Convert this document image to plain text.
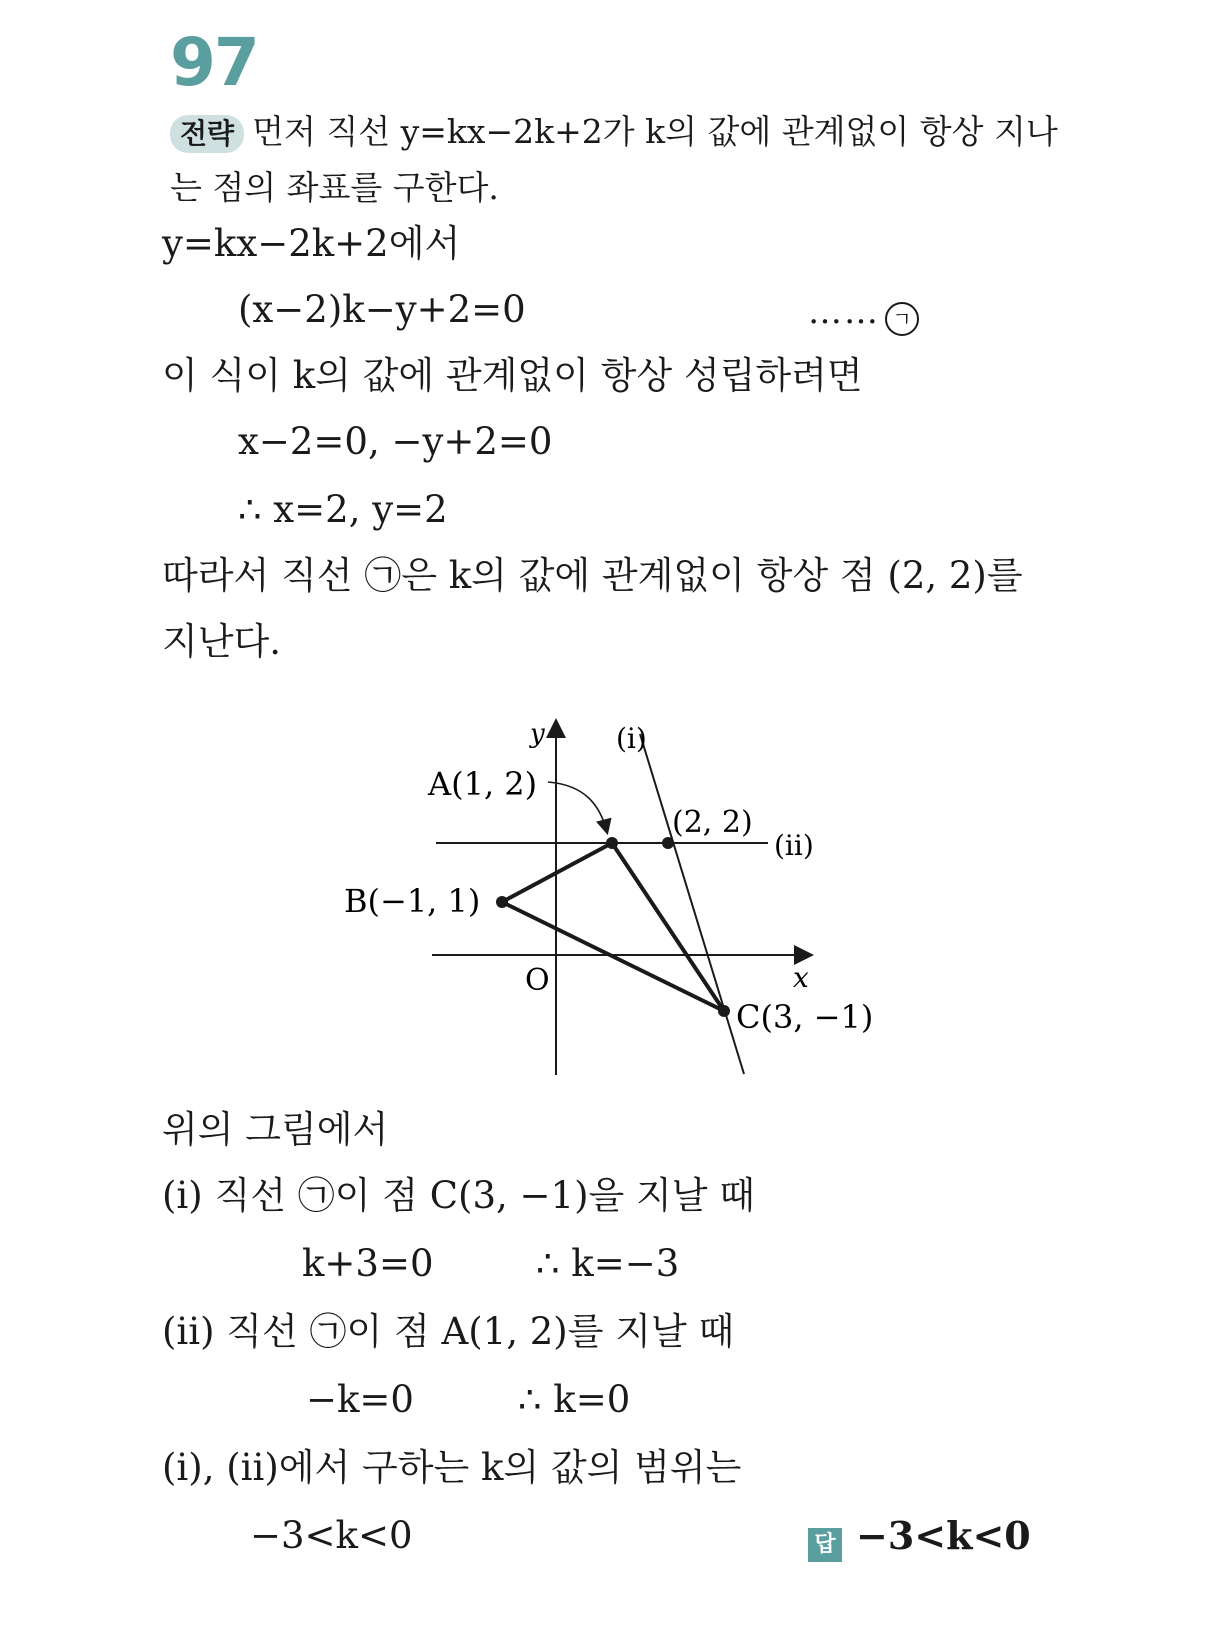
97
전략 먼저 직선 y=kx−2k+2가 k의 값에 관계없이 항상 지나
는 점의 좌표를 구한다.
y=kx−2k+2에서
(x−2)k−y+2=0	…… ㄱ
이 식이 k의 값에 관계없이 항상 성립하려면
x−2=0, −y+2=0
∴ x=2, y=2
따라서 직선 ㉠은 k의 값에 관계없이 항상 점 (2, 2)를
지난다.
y
x
O
(i)
(ii)
A(1, 2)
B(−1, 1)
C(3, −1)
(2, 2)
위의 그림에서
(i) 직선 ㉠이 점 C(3, −1)을 지날 때
k+3=0	∴ k=−3
(ii) 직선 ㉠이 점 A(1, 2)를 지날 때
−k=0	∴ k=0
(i), (ii)에서 구하는 k의 값의 범위는
−3<k<0	답 −3<k<0
